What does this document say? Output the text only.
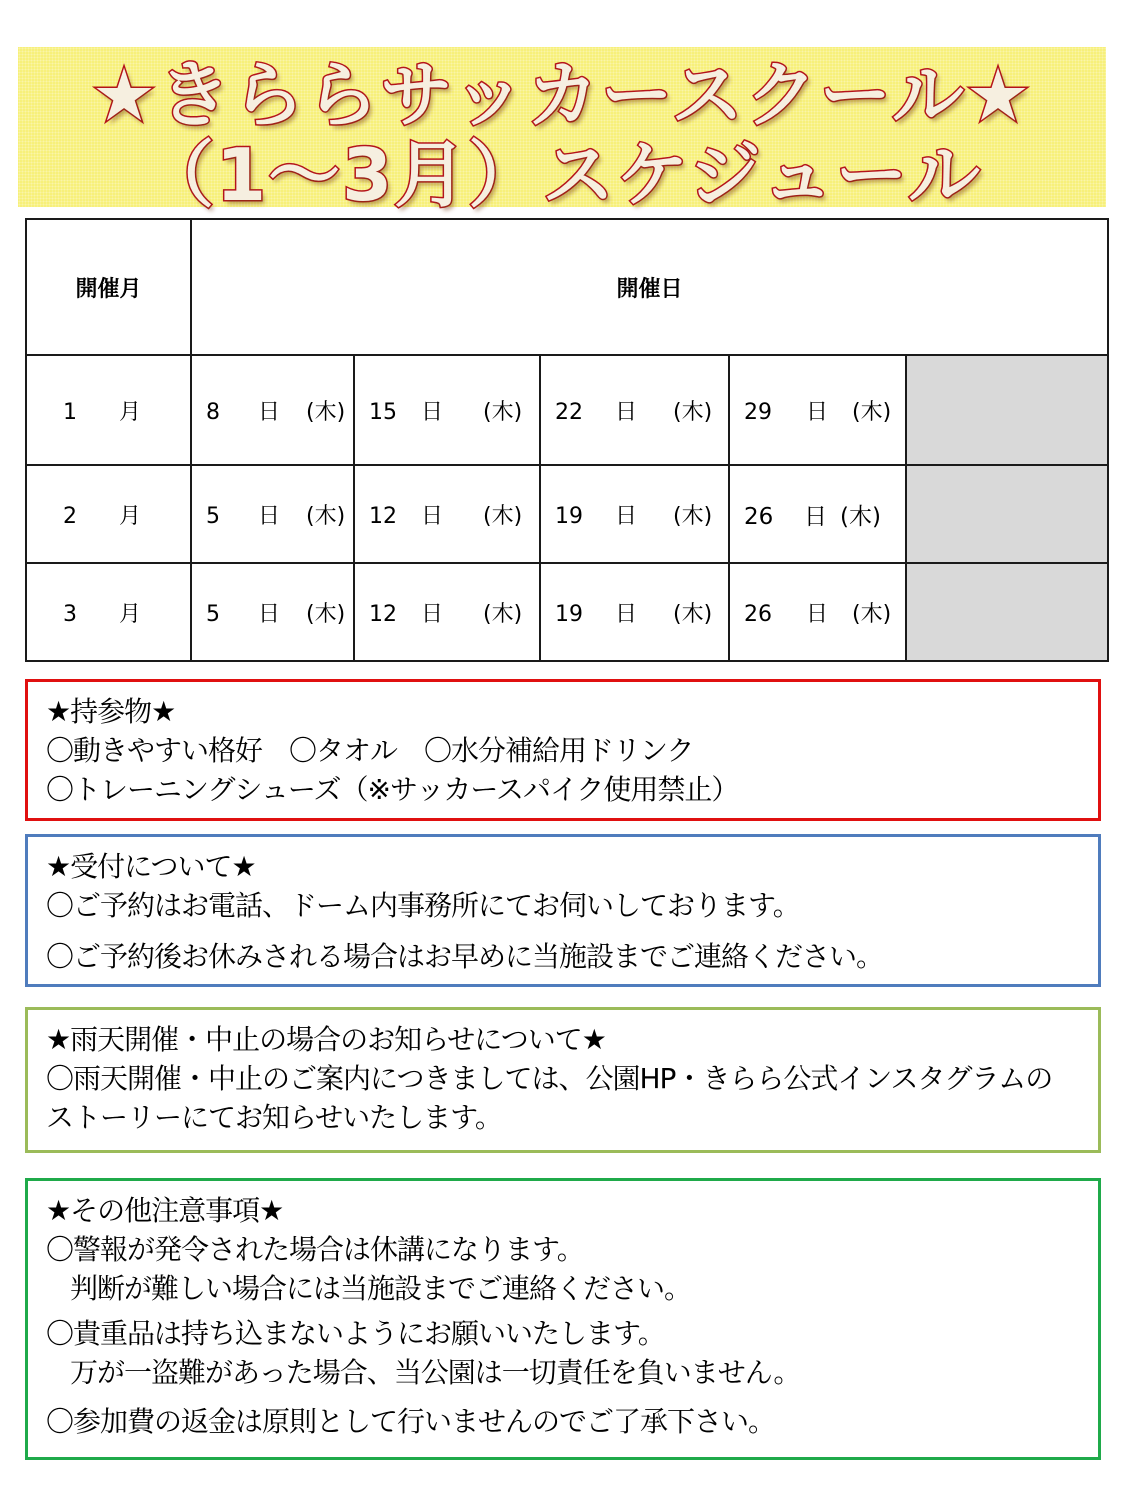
★きららサッカースクール★
（1～3月）スケジュール
開催月	開催日				
1 月	8 日 (木)	15 日 (木)	22 日 (木)	29 日 (木)	
2 月	5 日 (木)	12 日 (木)	19 日 (木)	26 日 (木)	
3 月	5 日 (木)	12 日 (木)	19 日 (木)	26 日 (木)	
★持参物★
〇動きやすい格好　〇タオル　〇水分補給用ドリンク
〇トレーニングシューズ（※サッカースパイク使用禁止）
★受付について★
〇ご予約はお電話、ドーム内事務所にてお伺いしております。
〇ご予約後お休みされる場合はお早めに当施設までご連絡ください。
★雨天開催・中止の場合のお知らせについて★
〇雨天開催・中止のご案内につきましては、公園HP・きらら公式インスタグラムの
ストーリーにてお知らせいたします。
★その他注意事項★
〇警報が発令された場合は休講になります。
判断が難しい場合には当施設までご連絡ください。
〇貴重品は持ち込まないようにお願いいたします。
万が一盗難があった場合、当公園は一切責任を負いません。
〇参加費の返金は原則として行いませんのでご了承下さい。
